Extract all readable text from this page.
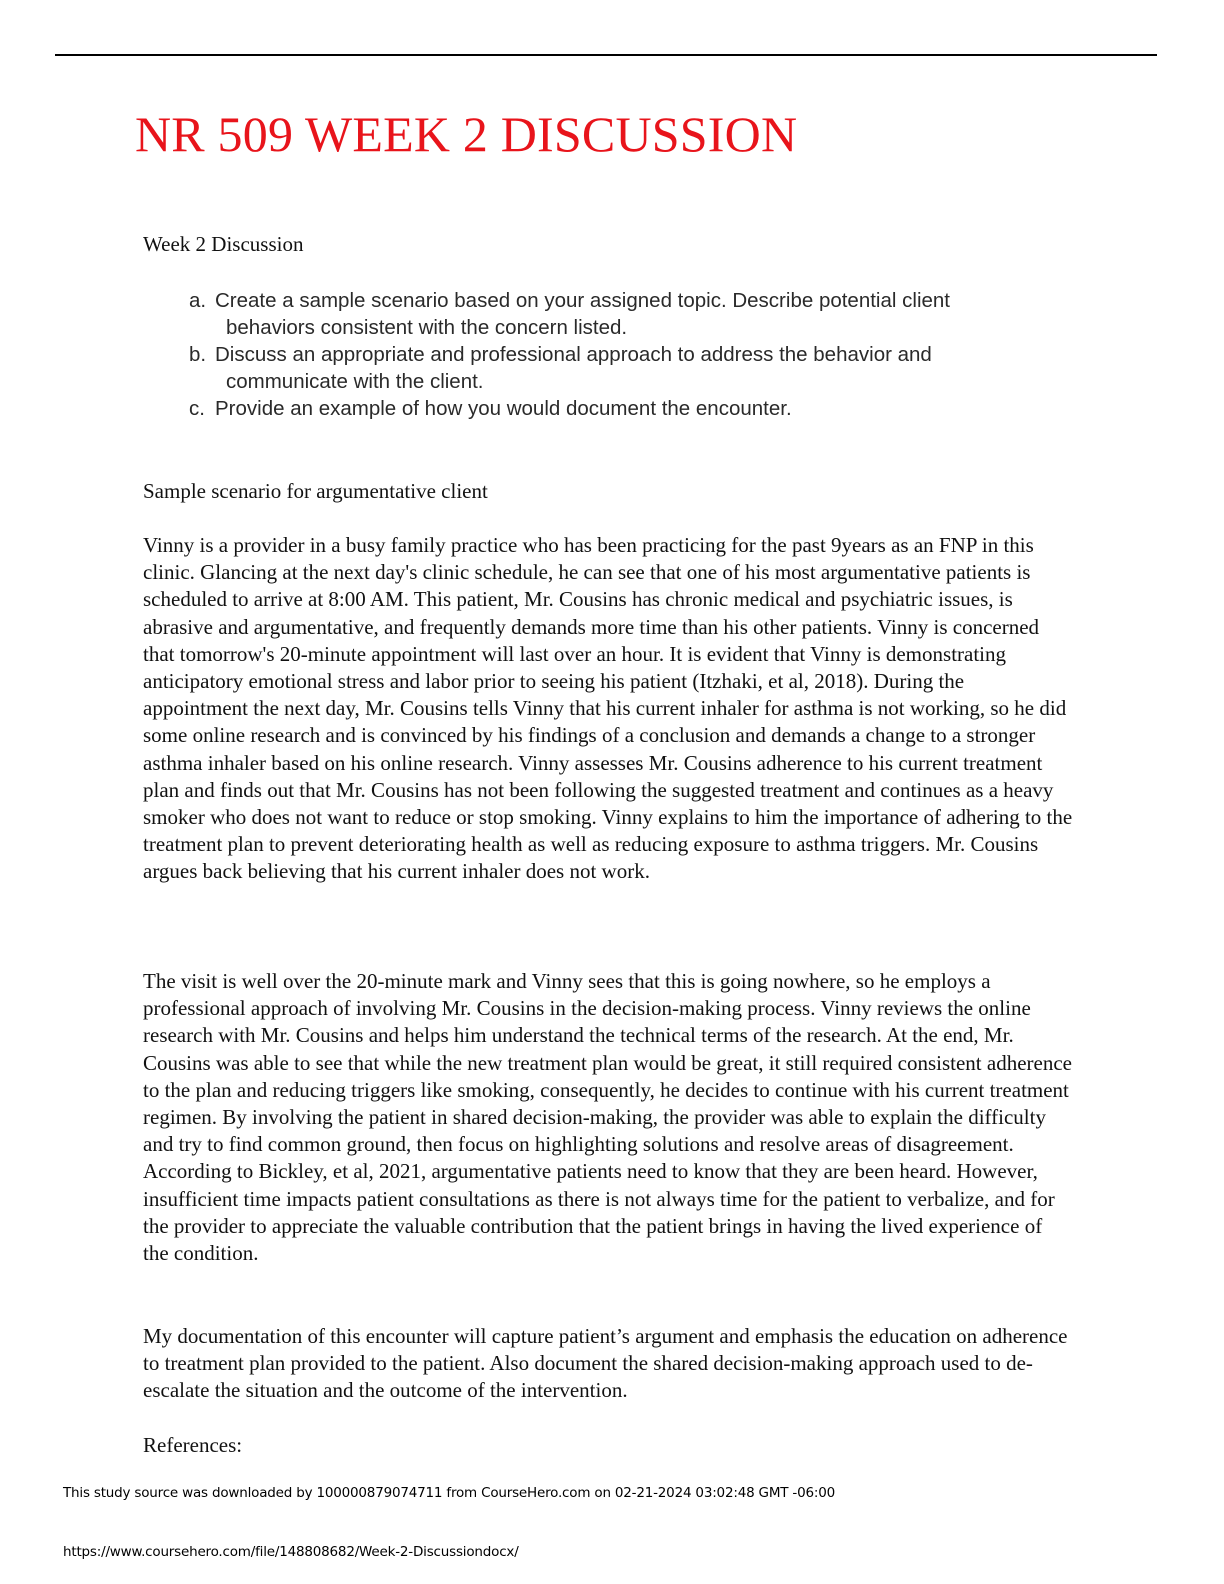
NR 509 WEEK 2 DISCUSSION
Week 2 Discussion
a. Create a sample scenario based on your assigned topic. Describe potential client
behaviors consistent with the concern listed.
b. Discuss an appropriate and professional approach to address the behavior and
communicate with the client.
c. Provide an example of how you would document the encounter.
Sample scenario for argumentative client

Vinny is a provider in a busy family practice who has been practicing for the past 9years as an FNP in this clinic. Glancing at the next day's clinic schedule, he can see that one of his most argumentative patients is scheduled to arrive at 8:00 AM. This patient, Mr. Cousins has chronic medical and psychiatric issues, is abrasive and argumentative, and frequently demands more time than his other patients. Vinny is concerned that tomorrow's 20-minute appointment will last over an hour. It is evident that Vinny is demonstrating anticipatory emotional stress and labor prior to seeing his patient (Itzhaki, et al, 2018). During the appointment the next day, Mr. Cousins tells Vinny that his current inhaler for asthma is not working, so he did some online research and is convinced by his findings of a conclusion and demands a change to a stronger asthma inhaler based on his online research. Vinny assesses Mr. Cousins adherence to his current treatment plan and finds out that Mr. Cousins has not been following the suggested treatment and continues as a heavy smoker who does not want to reduce or stop smoking. Vinny explains to him the importance of adhering to the treatment plan to prevent deteriorating health as well as reducing exposure to asthma triggers. Mr. Cousins argues back believing that his current inhaler does not work.

The visit is well over the 20-minute mark and Vinny sees that this is going nowhere, so he employs a professional approach of involving Mr. Cousins in the decision-making process. Vinny reviews the online research with Mr. Cousins and helps him understand the technical terms of the research. At the end, Mr. Cousins was able to see that while the new treatment plan would be great, it still required consistent adherence to the plan and reducing triggers like smoking, consequently, he decides to continue with his current treatment regimen. By involving the patient in shared decision-making, the provider was able to explain the difficulty and try to find common ground, then focus on highlighting solutions and resolve areas of disagreement. According to Bickley, et al, 2021, argumentative patients need to know that they are been heard. However, insufficient time impacts patient consultations as there is not always time for the patient to verbalize, and for the provider to appreciate the valuable contribution that the patient brings in having the lived experience of the condition.

My documentation of this encounter will capture patient’s argument and emphasis the education on adherence to treatment plan provided to the patient. Also document the shared decision-making approach used to de-escalate the situation and the outcome of the intervention.

References:
This study source was downloaded by 100000879074711 from CourseHero.com on 02-21-2024 03:02:48 GMT -06:00
https://www.coursehero.com/file/148808682/Week-2-Discussiondocx/
